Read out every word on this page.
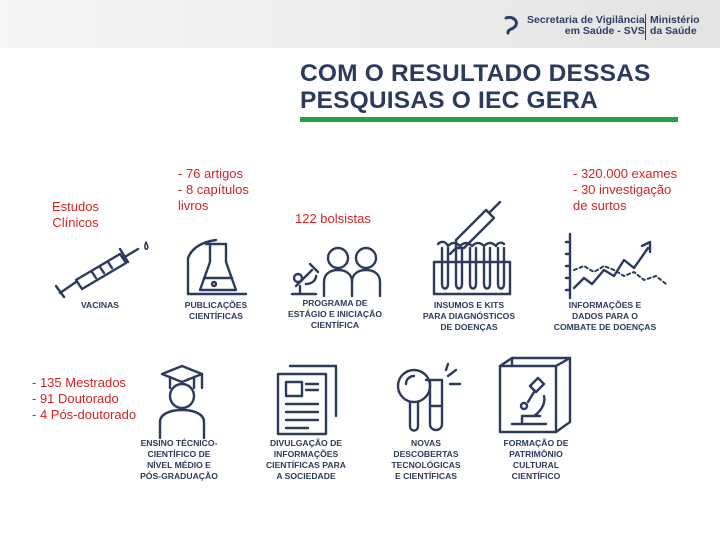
Secretaria de Vigilância
em Saúde - SVS
Ministério
da Saúde
COM O RESULTADO DESSAS
PESQUISAS O IEC GERA
Estudos
Clínicos
VACINAS
- 76 artigos
- 8 capítulos
livros
PUBLICAÇÕES
CIENTÍFICAS
122 bolsistas
PROGRAMA DE
ESTÁGIO E INICIAÇÃO
CIENTÍFICA
INSUMOS E KITS
PARA DIAGNÓSTICOS
DE DOENÇAS
- 320.000 exames
- 30 investigação
de surtos
INFORMAÇÕES E
DADOS PARA O
COMBATE DE DOENÇAS
- 135 Mestrados
- 91 Doutorado
- 4 Pós-doutorado
ENSINO TÉCNICO-
CIENTÍFICO DE
NÍVEL MÉDIO E
PÓS-GRADUAÇÃO
DIVULGAÇÃO DE
INFORMAÇÕES
CIENTÍFICAS PARA
A SOCIEDADE
NOVAS
DESCOBERTAS
TECNOLÓGICAS
E CIENTÍFICAS
FORMAÇÃO DE
PATRIMÔNIO
CULTURAL
CIENTÍFICO
